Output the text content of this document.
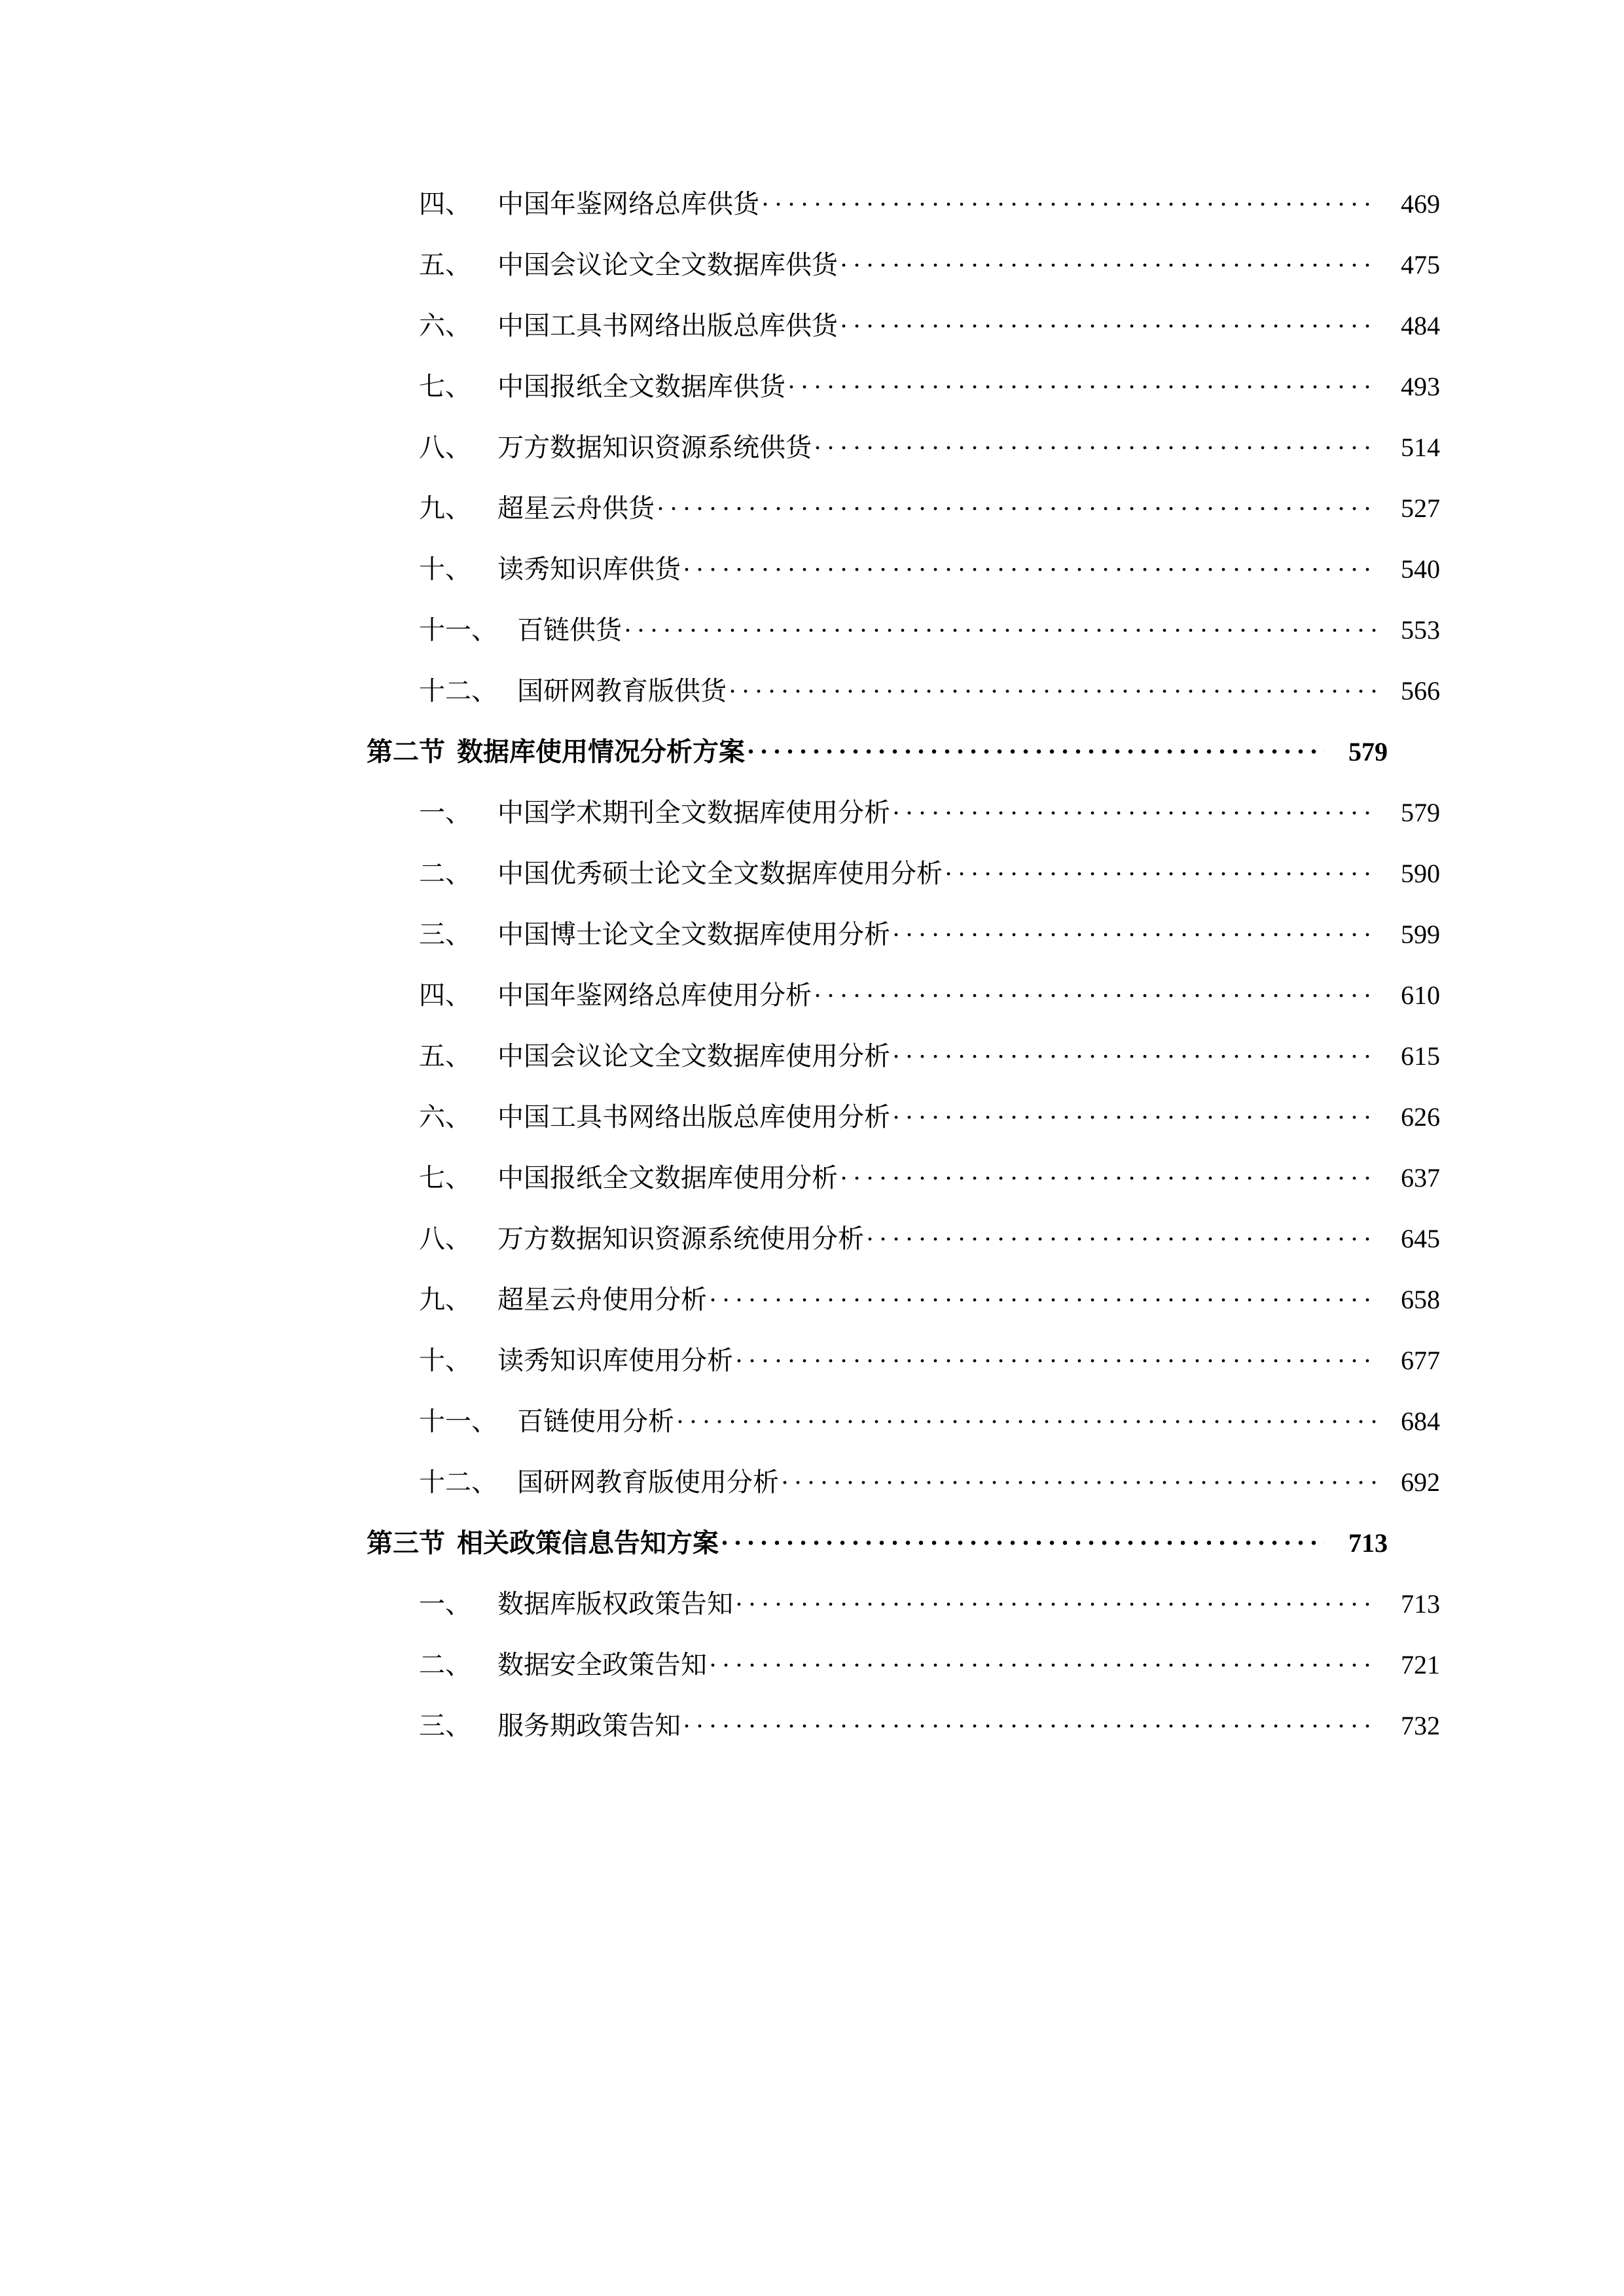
四、	中国年鉴网络总库供货 . . .	469
五、	中国会议论文全文数据库供货 . . .	475
六、	中国工具书网络出版总库供货 . . .	484
七、	中国报纸全文数据库供货 . . .	493
八、	万方数据知识资源系统供货 . . .	514
九、	超星云舟供货 . . .	527
十、	读秀知识库供货 . . .	540
十一、 百链供货 . . .	553
十二、 国研网教育版供货 . . .	566
第二节 数据库使用情况分析方案 . . .	579
一、	中国学术期刊全文数据库使用分析 . . .	579
二、	中国优秀硕士论文全文数据库使用分析 . . .	590
三、	中国博士论文全文数据库使用分析 . . .	599
四、	中国年鉴网络总库使用分析 . . .	610
五、	中国会议论文全文数据库使用分析 . . .	615
六、	中国工具书网络出版总库使用分析 . . .	626
七、	中国报纸全文数据库使用分析 . . .	637
八、	万方数据知识资源系统使用分析 . . .	645
九、	超星云舟使用分析 . . .	658
十、	读秀知识库使用分析 . . .	677
十一、 百链使用分析 . . .	684
十二、 国研网教育版使用分析 . . .	692
第三节 相关政策信息告知方案 . . .	713
一、	数据库版权政策告知 . . .	713
二、	数据安全政策告知 . . .	721
三、	服务期政策告知 . . .	732
